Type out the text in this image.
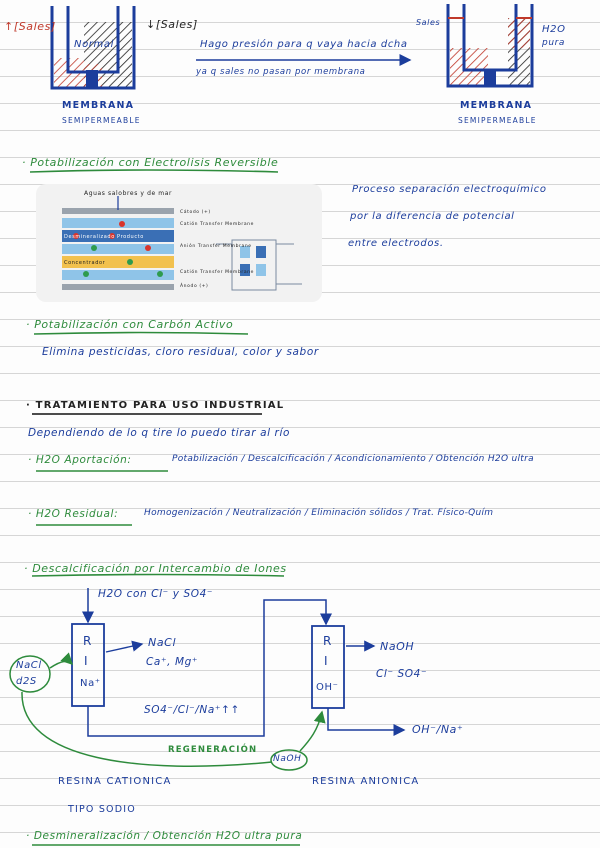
↑[Sales]	↓[Sales]
Normal	Hago presión para q vaya hacia dcha
ya q sales no pasan por membrana
Sales
H2O
pura
MEMBRANA
SEMIPERMEABLE
MEMBRANA
SEMIPERMEABLE
· Potabilización con Electrolisis Reversible
Aguas salobres y de mar
Cátodo (+)
Catión Transfer Membrane
Desmineralizado Producto
Anión Transfer Membrane
Concentrador
Catión Transfer Membrane
Ánodo (+)
Proceso separación electroquímico
por la diferencia de potencial
entre electrodos.
· Potabilización con Carbón Activo
Elimina pesticidas, cloro residual, color y sabor
· TRATAMIENTO PARA USO INDUSTRIAL
Dependiendo de lo q tire lo puedo tirar al río
· H2O Aportación:	Potabilización / Descalcificación / Acondicionamiento / Obtención H2O ultra
· H2O Residual:	Homogenización / Neutralización / Eliminación sólidos / Trat. Físico-Quím
· Descalcificación por Intercambio de Iones
H2O con Cl⁻ y SO4⁻
R
I
Na⁺
NaCl
Ca⁺, Mg⁺
SO4⁻/Cl⁻/Na⁺↑↑
R
I
OH⁻
NaOH
Cl⁻ SO4⁻
OH⁻/Na⁺
NaCl
d2S
REGENERACIÓN
NaOH
RESINA CATIONICA
TIPO SODIO
RESINA ANIONICA
· Desmineralización / Obtención H2O ultra pura
